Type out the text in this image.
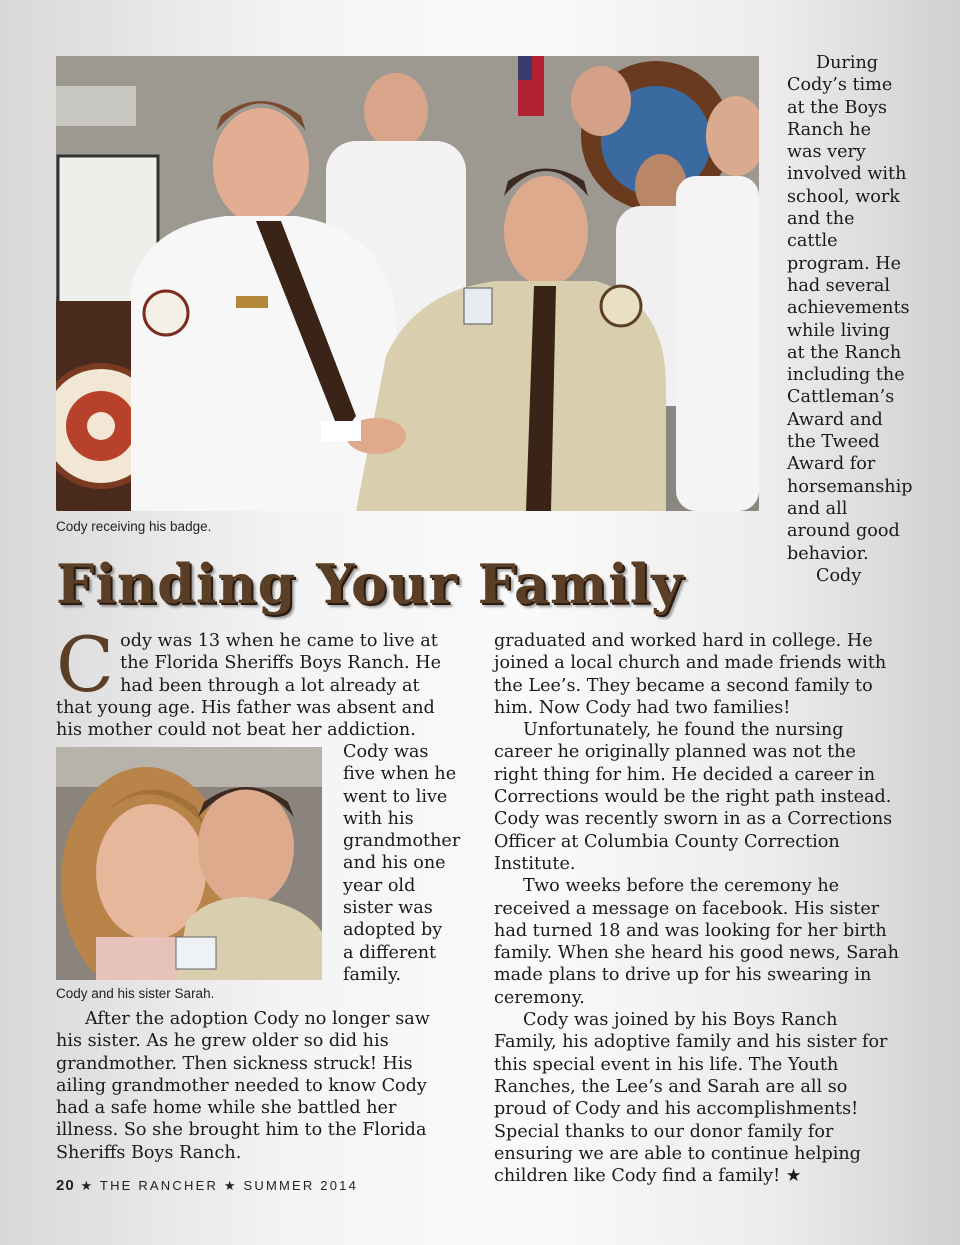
Cody receiving his badge.

During Cody’s time at the Boys Ranch he was very involved with school, work and the cattle program. He had several achievements while living at the Ranch including the Cattleman’s Award and the Tweed Award for horsemanship and all around good behavior.

Cody

Finding Your Family
C ody was 13 when he came to live at the Florida Sheriffs Boys Ranch. He had been through a lot already at that young age. His father was absent and his mother could not beat her addiction.

Cody and his sister Sarah.

Cody was five when he went to live with his grandmother and his one year old sister was adopted by a different family.

After the adoption Cody no longer saw his sister. As he grew older so did his grandmother. Then sickness struck! His ailing grandmother needed to know Cody had a safe home while she battled her illness. So she brought him to the Florida Sheriffs Boys Ranch.

graduated and worked hard in college. He joined a local church and made friends with the Lee’s. They became a second family to him. Now Cody had two families!

Unfortunately, he found the nursing career he originally planned was not the right thing for him. He decided a career in Corrections would be the right path instead. Cody was recently sworn in as a Corrections Officer at Columbia County Correction Institute.

Two weeks before the ceremony he received a message on facebook. His sister had turned 18 and was looking for her birth family. When she heard his good news, Sarah made plans to drive up for his swearing in ceremony.

Cody was joined by his Boys Ranch Family, his adoptive family and his sister for this special event in his life. The Youth Ranches, the Lee’s and Sarah are all so proud of Cody and his accomplishments! Special thanks to our donor family for ensuring we are able to continue helping children like Cody find a family! ★

20 ★ THE RANCHER ★ SUMMER 2014
